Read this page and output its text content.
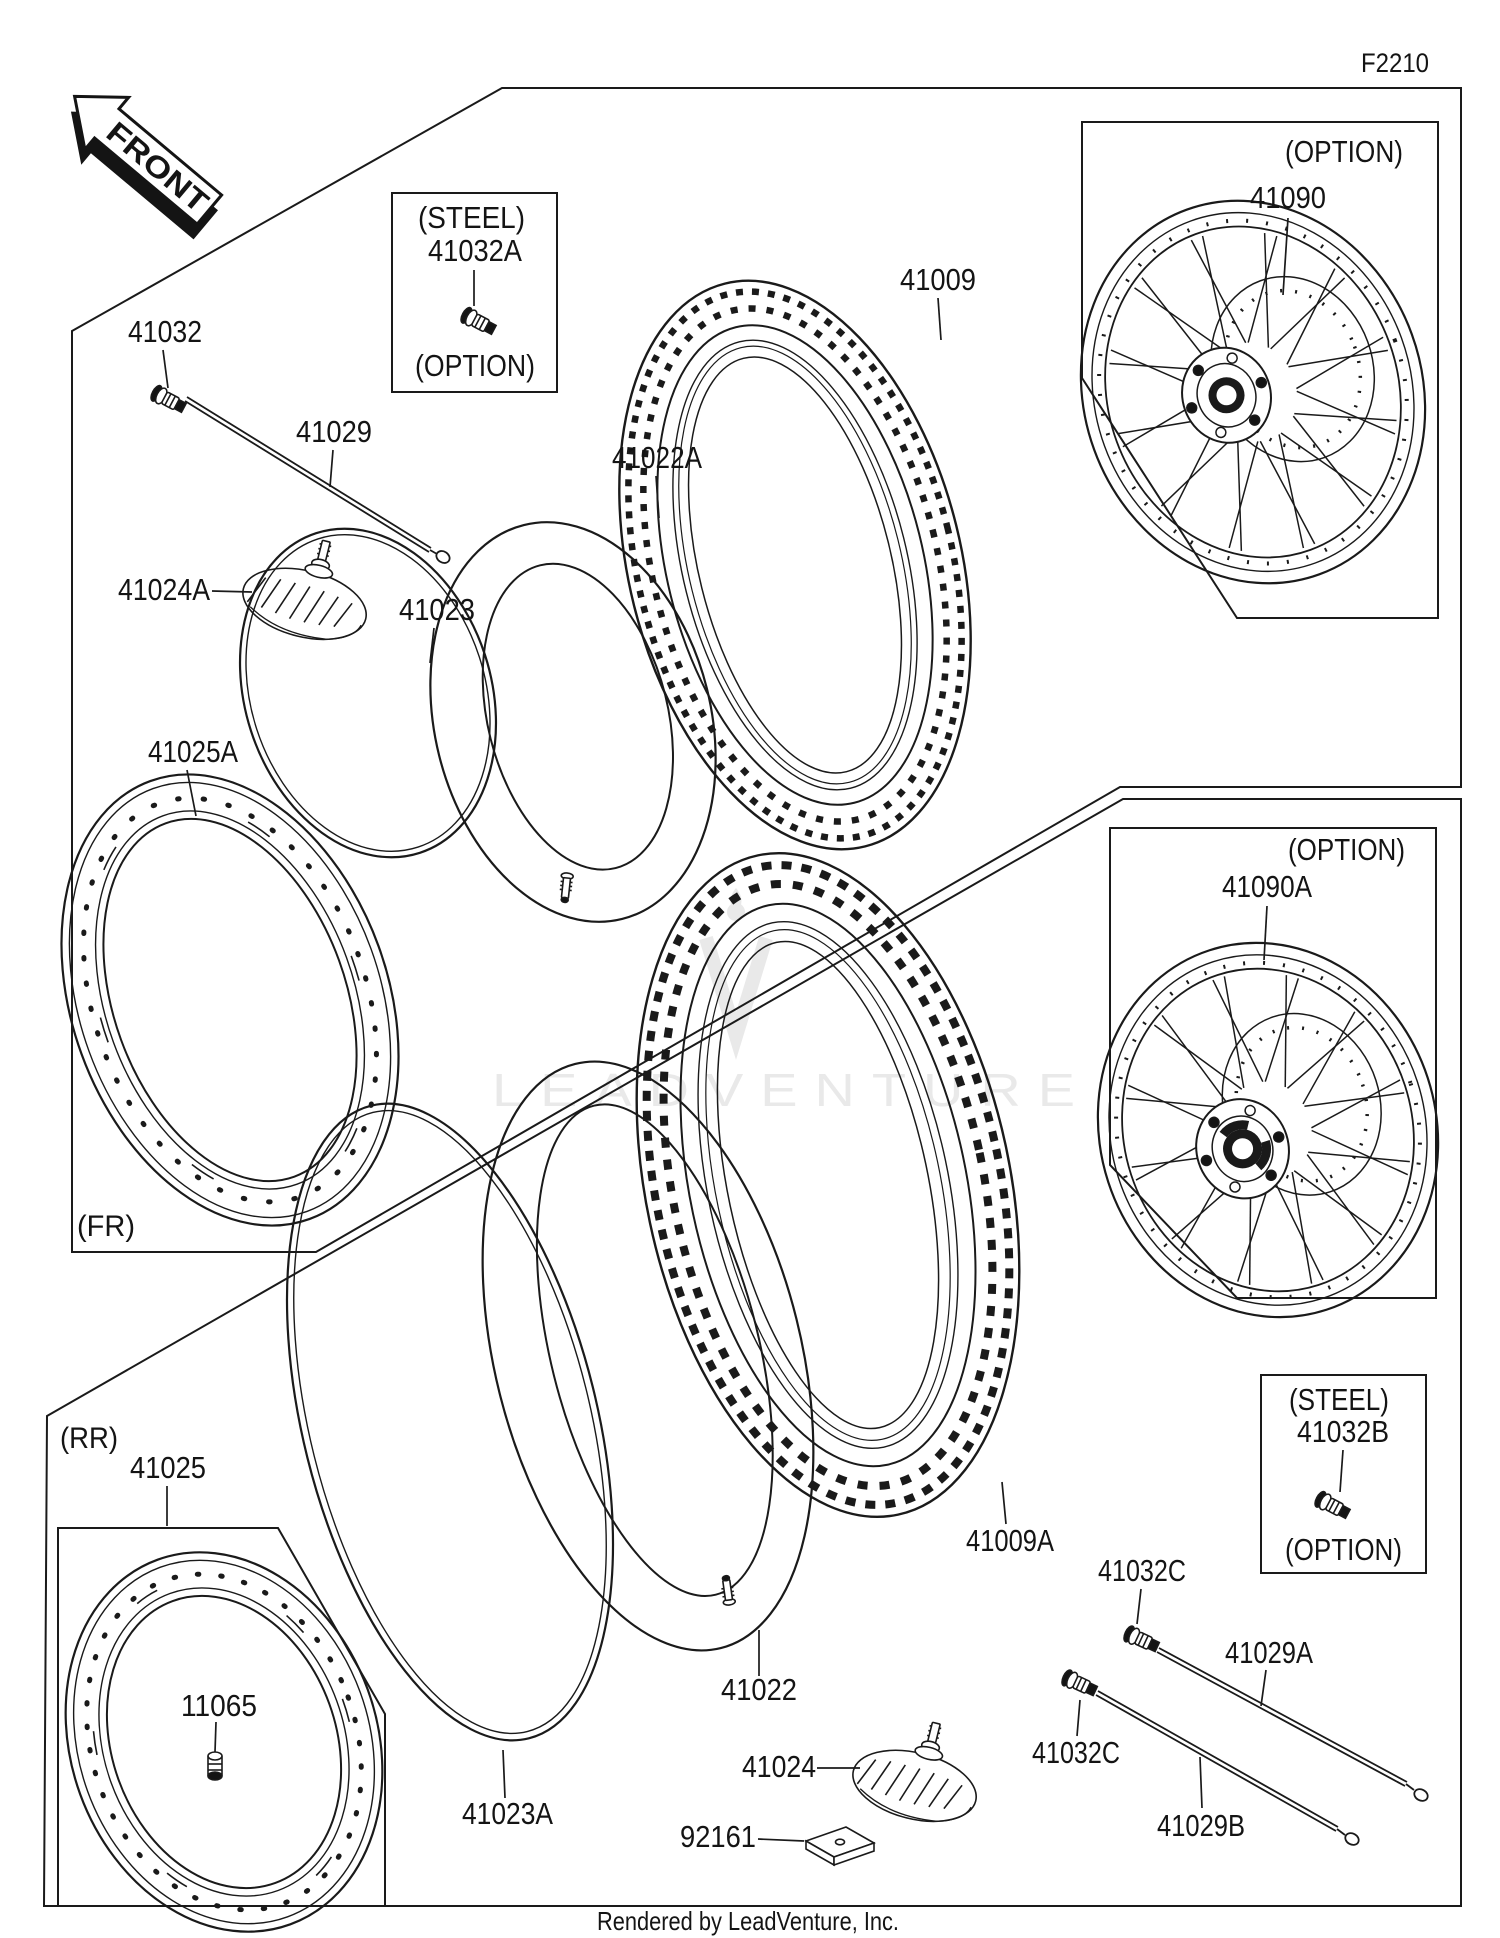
LEADVENTURE
FRONT
F2210
41032
41029
41024A
41023
41022A
41025A
41009
(FR)
(OPTION)
41090
(STEEL)
41032A
(OPTION)
(OPTION)
41090A
(STEEL)
41032B
(OPTION)
(RR)
41025
11065
41023A
41022
41009A
41024
92161
41032C
41029A
41032C
41029B
Rendered by LeadVenture, Inc.
